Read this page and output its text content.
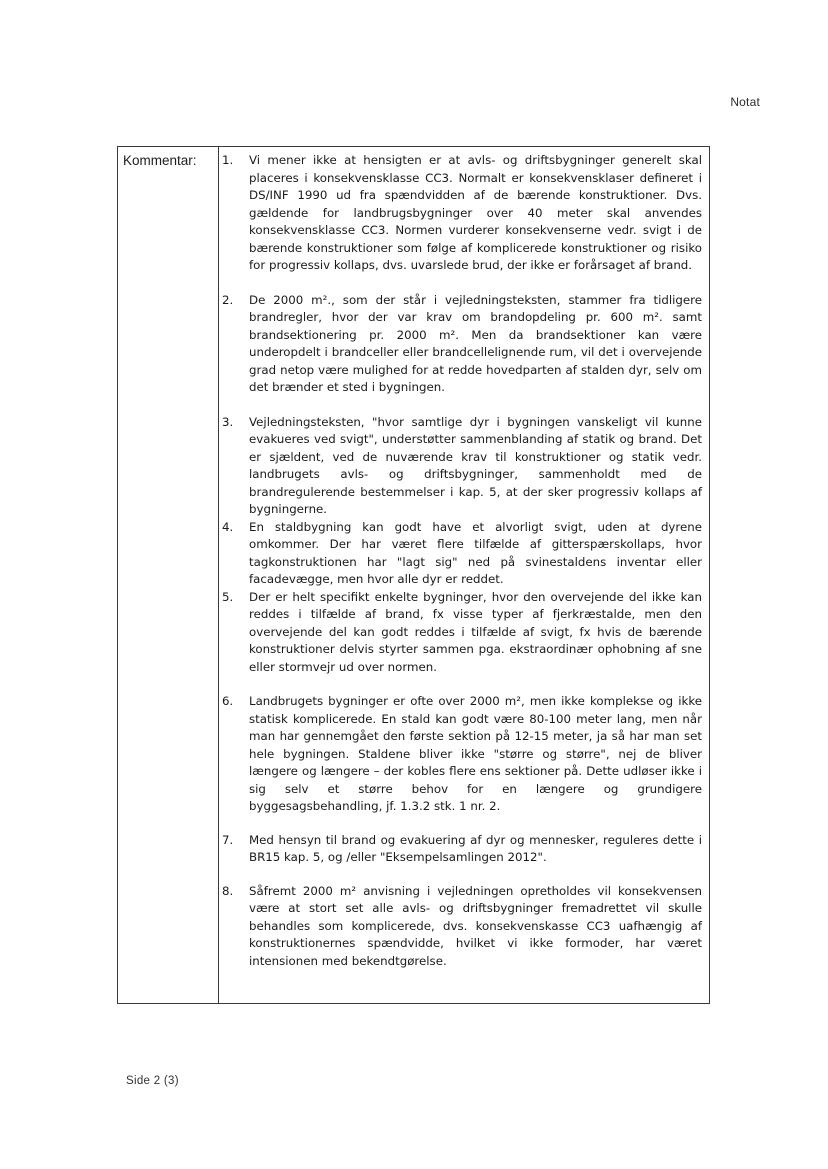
Notat
Kommentar: 1. Vi mener ikke at hensigten er at avls- og driftsbygninger generelt skal placeres i konsekvensklasse CC3. Normalt er konsekvensklaser defineret i DS/INF 1990 ud fra spændvidden af de bærende konstruktioner. Dvs. gældende for landbrugsbygninger over 40 meter skal anvendes konsekvensklasse CC3. Normen vurderer konsekvenserne vedr. svigt i de bærende konstruktioner som følge af komplicerede konstruktioner og risiko for progressiv kollaps, dvs. uvarslede brud, der ikke er forårsaget af brand.
2. De 2000 m²., som der står i vejledningsteksten, stammer fra tidligere brandregler, hvor der var krav om brandopdeling pr. 600 m². samt brandsektionering pr. 2000 m². Men da brandsektioner kan være underopdelt i brandceller eller brandcellelignende rum, vil det i overvejende grad netop være mulighed for at redde hovedparten af stalden dyr, selv om det brænder et sted i bygningen.
3. Vejledningsteksten, "hvor samtlige dyr i bygningen vanskeligt vil kunne evakueres ved svigt", understøtter sammenblanding af statik og brand. Det er sjældent, ved de nuværende krav til konstruktioner og statik vedr. landbrugets avls- og driftsbygninger, sammenholdt med de brandregulerende bestemmelser i kap. 5, at der sker progressiv kollaps af bygningerne.
4. En staldbygning kan godt have et alvorligt svigt, uden at dyrene omkommer. Der har været flere tilfælde af gitterspærskollaps, hvor tagkonstruktionen har "lagt sig" ned på svinestaldens inventar eller facadevægge, men hvor alle dyr er reddet.
5. Der er helt specifikt enkelte bygninger, hvor den overvejende del ikke kan reddes i tilfælde af brand, fx visse typer af fjerkræstalde, men den overvejende del kan godt reddes i tilfælde af svigt, fx hvis de bærende konstruktioner delvis styrter sammen pga. ekstraordinær ophobning af sne eller stormvejr ud over normen.
6. Landbrugets bygninger er ofte over 2000 m², men ikke komplekse og ikke statisk komplicerede. En stald kan godt være 80-100 meter lang, men når man har gennemgået den første sektion på 12-15 meter, ja så har man set hele bygningen. Staldene bliver ikke "større og større", nej de bliver længere og længere – der kobles flere ens sektioner på. Dette udløser ikke i sig selv et større behov for en længere og grundigere byggesagsbehandling, jf. 1.3.2 stk. 1 nr. 2.
7. Med hensyn til brand og evakuering af dyr og mennesker, reguleres dette i BR15 kap. 5, og /eller "Eksempelsamlingen 2012".
8. Såfremt 2000 m² anvisning i vejledningen opretholdes vil konsekvensen være at stort set alle avls- og driftsbygninger fremadrettet vil skulle behandles som komplicerede, dvs. konsekvenskasse CC3 uafhængig af konstruktionernes spændvidde, hvilket vi ikke formoder, har været intensionen med bekendtgørelse.
Side 2 (3)
